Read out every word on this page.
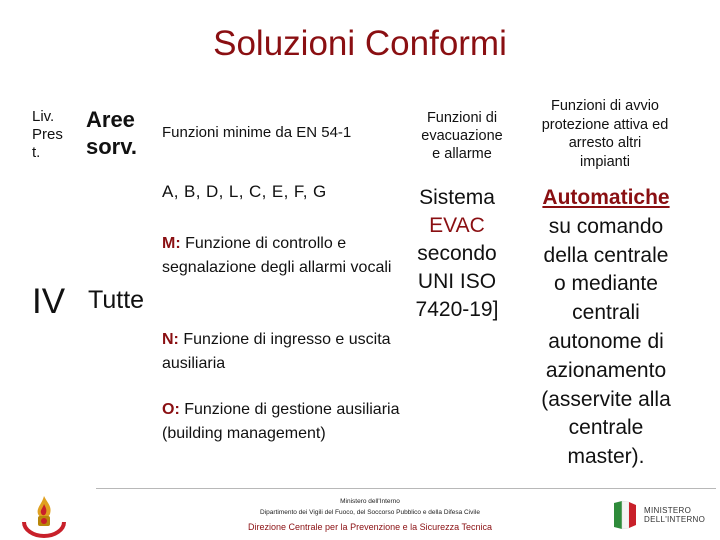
Soluzioni Conformi
Liv.
Pres
t.
Aree
sorv.
Funzioni minime da EN 54-1
Funzioni di
evacuazione
e allarme
Funzioni di avvio
protezione attiva ed
arresto altri
impianti
IV Tutte
A, B, D, L, C, E, F, G
M: Funzione di controllo e segnalazione degli allarmi vocali
N: Funzione di ingresso e uscita ausiliaria
O: Funzione di gestione ausiliaria (building management)
Sistema
EVAC
secondo
UNI ISO
7420-19]
Automatiche
su comando
della centrale
o mediante
centrali
autonome di
azionamento
(asservite alla
centrale
master).
Ministero dell'Interno
Dipartimento dei Vigili del Fuoco, del Soccorso Pubblico e della Difesa Civile
Direzione Centrale per la Prevenzione e la Sicurezza Tecnica
MINISTERO
DELL'INTERNO
